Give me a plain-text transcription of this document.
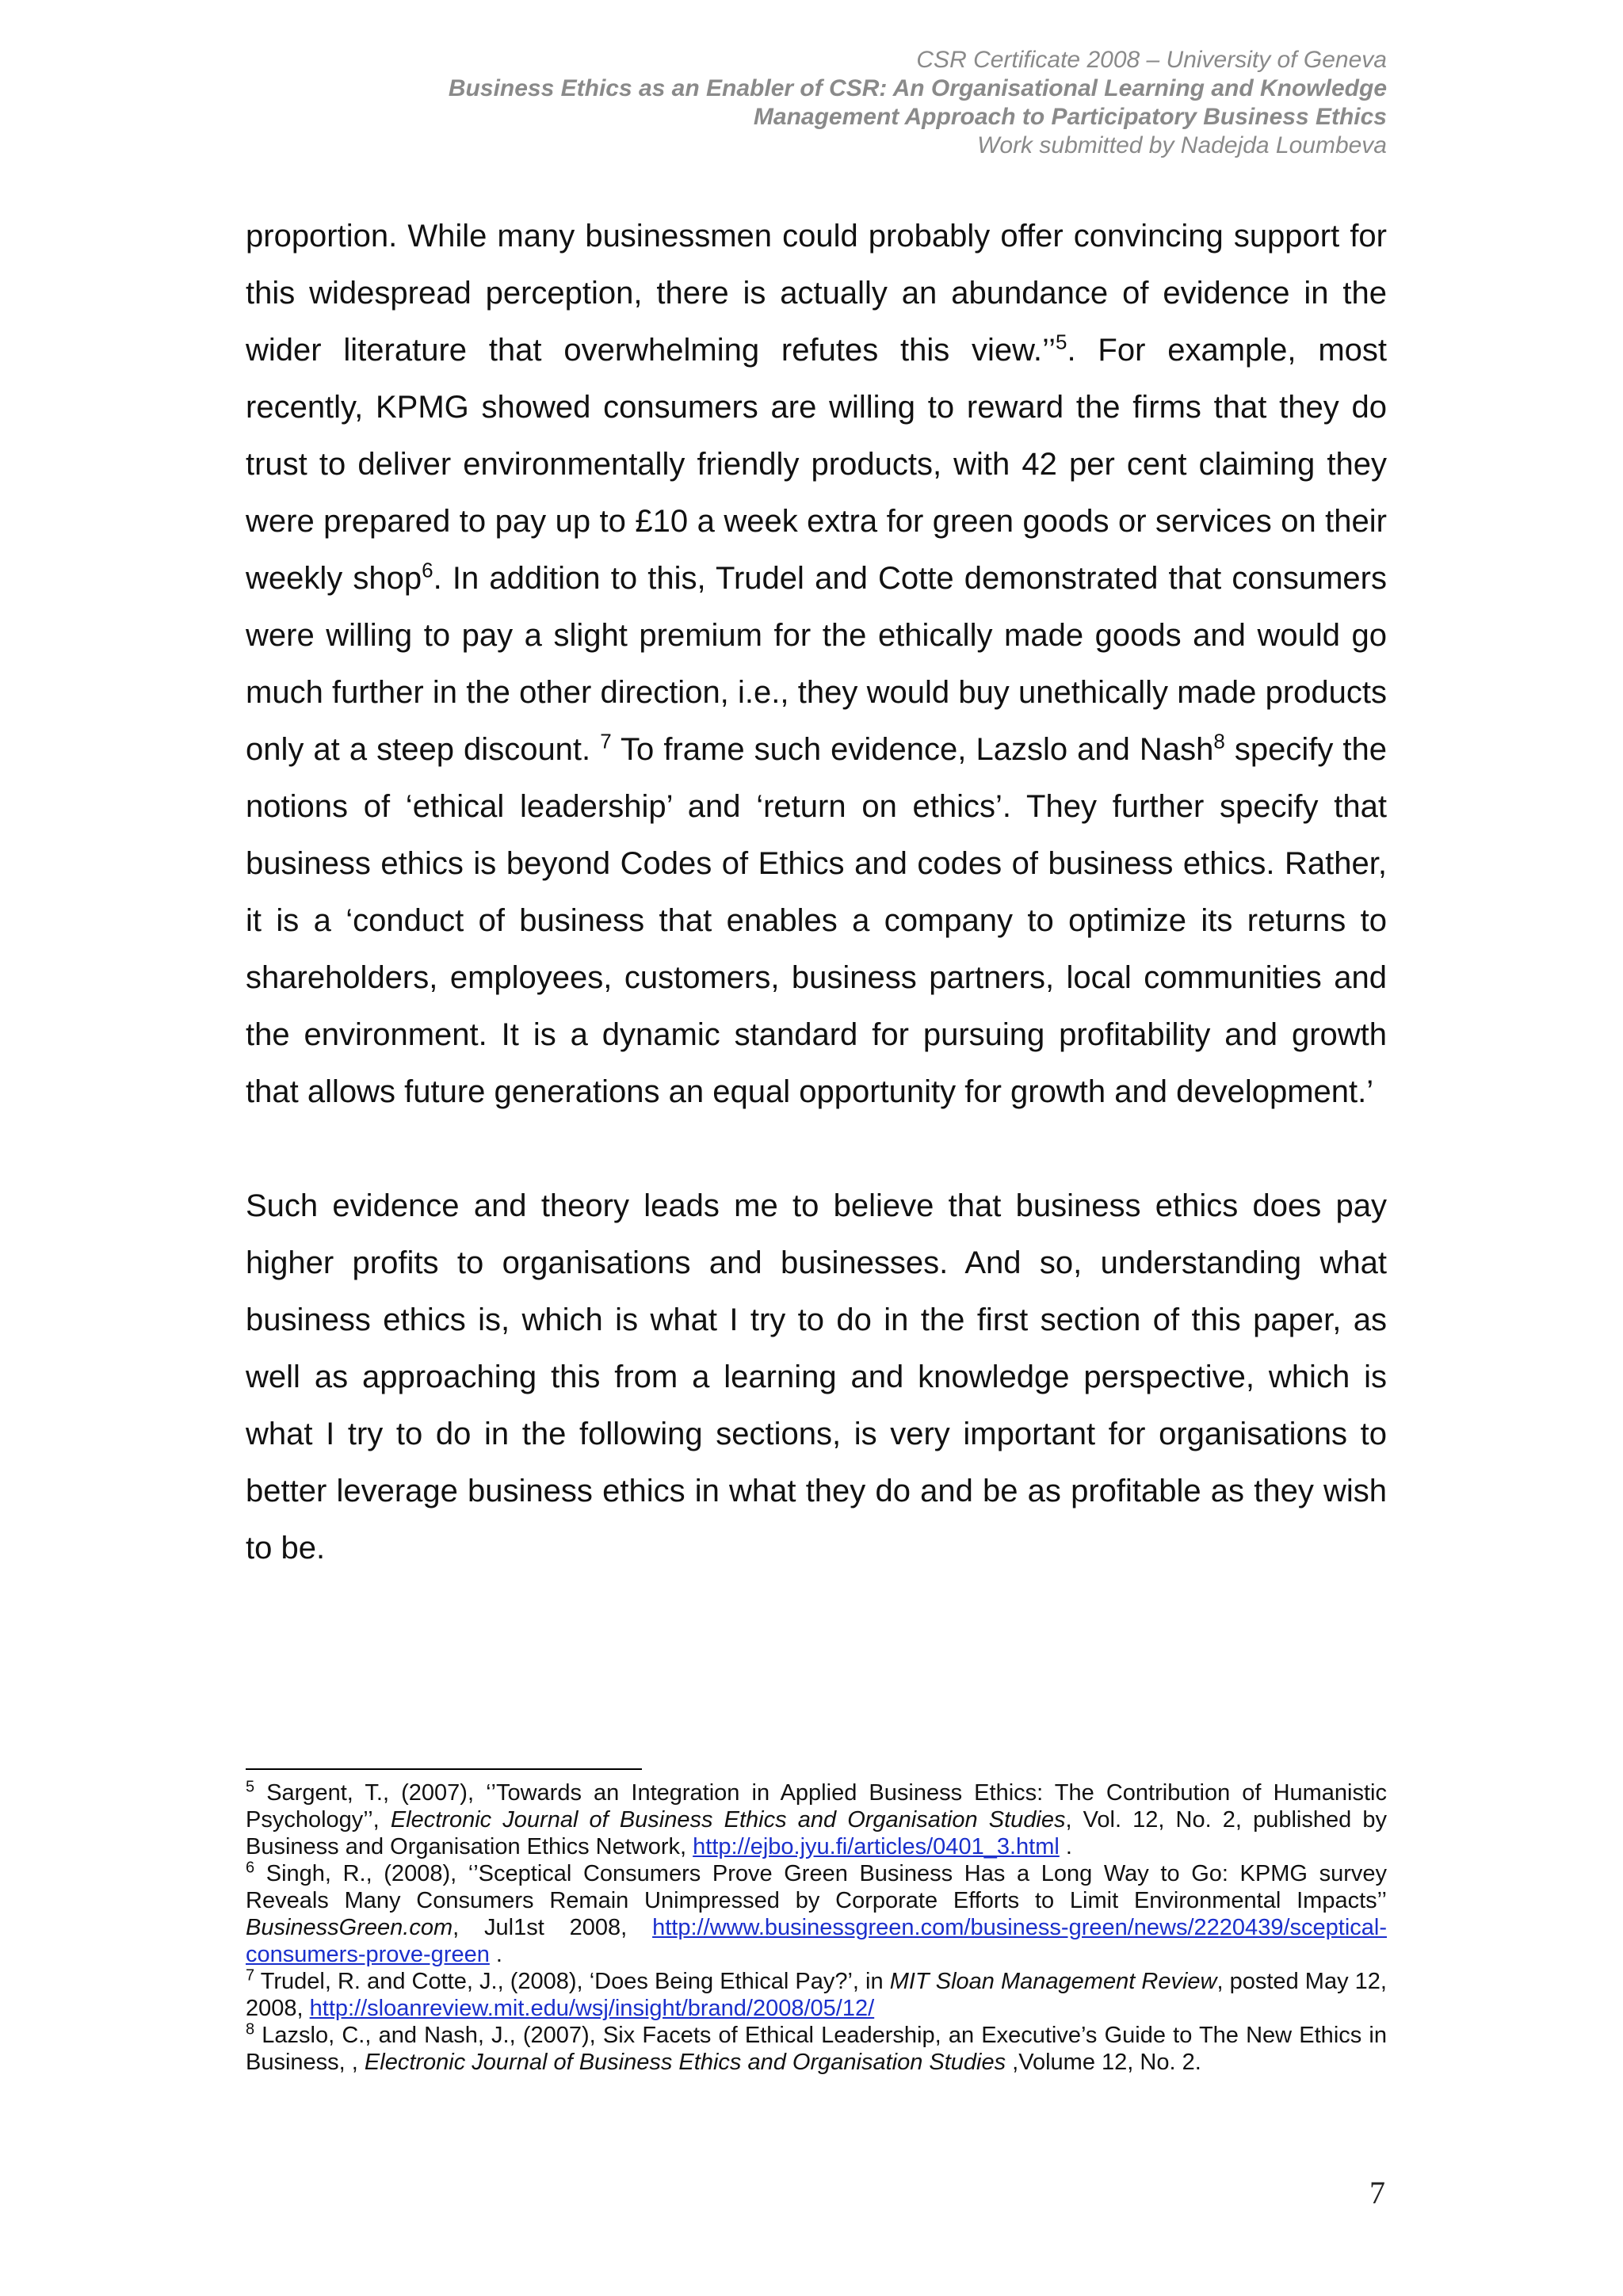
CSR Certificate 2008 – University of Geneva
Business Ethics as an Enabler of CSR: An Organisational Learning and Knowledge
Management Approach to Participatory Business Ethics
Work submitted by Nadejda Loumbeva

proportion. While many businessmen could probably offer convincing support for this widespread perception, there is actually an abundance of evidence in the wider literature that overwhelming refutes this view.’’$^5$. For example, most recently, KPMG showed consumers are willing to reward the firms that they do trust to deliver environmentally friendly products, with 42 per cent claiming they were prepared to pay up to £10 a week extra for green goods or services on their weekly shop$^6$. In addition to this, Trudel and Cotte demonstrated that consumers were willing to pay a slight premium for the ethically made goods and would go much further in the other direction, i.e., they would buy unethically made products only at a steep discount. $^7$ To frame such evidence, Lazslo and Nash$^8$ specify the notions of ‘ethical leadership’ and ‘return on ethics’. They further specify that business ethics is beyond Codes of Ethics and codes of business ethics. Rather, it is a ‘conduct of business that enables a company to optimize its returns to shareholders, employees, customers, business partners, local communities and the environment. It is a dynamic standard for pursuing profitability and growth that allows future generations an equal opportunity for growth and development.’

Such evidence and theory leads me to believe that business ethics does pay higher profits to organisations and businesses. And so, understanding what business ethics is, which is what I try to do in the first section of this paper, as well as approaching this from a learning and knowledge perspective, which is what I try to do in the following sections, is very important for organisations to better leverage business ethics in what they do and be as profitable as they wish to be.

$^5$ Sargent, T., (2007), ‘’Towards an Integration in Applied Business Ethics: The Contribution of Humanistic Psychology’’, Electronic Journal of Business Ethics and Organisation Studies, Vol. 12, No. 2, published by Business and Organisation Ethics Network, http://ejbo.jyu.fi/articles/0401_3.html .

$^6$ Singh, R., (2008), ‘’Sceptical Consumers Prove Green Business Has a Long Way to Go: KPMG survey Reveals Many Consumers Remain Unimpressed by Corporate Efforts to Limit Environmental Impacts’’ BusinessGreen.com, Jul1st 2008, http://www.businessgreen.com/business-green/news/2220439/sceptical-consumers-prove-green .

$^7$ Trudel, R. and Cotte, J., (2008), ‘Does Being Ethical Pay?’, in MIT Sloan Management Review, posted May 12, 2008, http://sloanreview.mit.edu/wsj/insight/brand/2008/05/12/

$^8$ Lazslo, C., and Nash, J., (2007), Six Facets of Ethical Leadership, an Executive’s Guide to The New Ethics in Business, , Electronic Journal of Business Ethics and Organisation Studies ,Volume 12, No. 2.

7
